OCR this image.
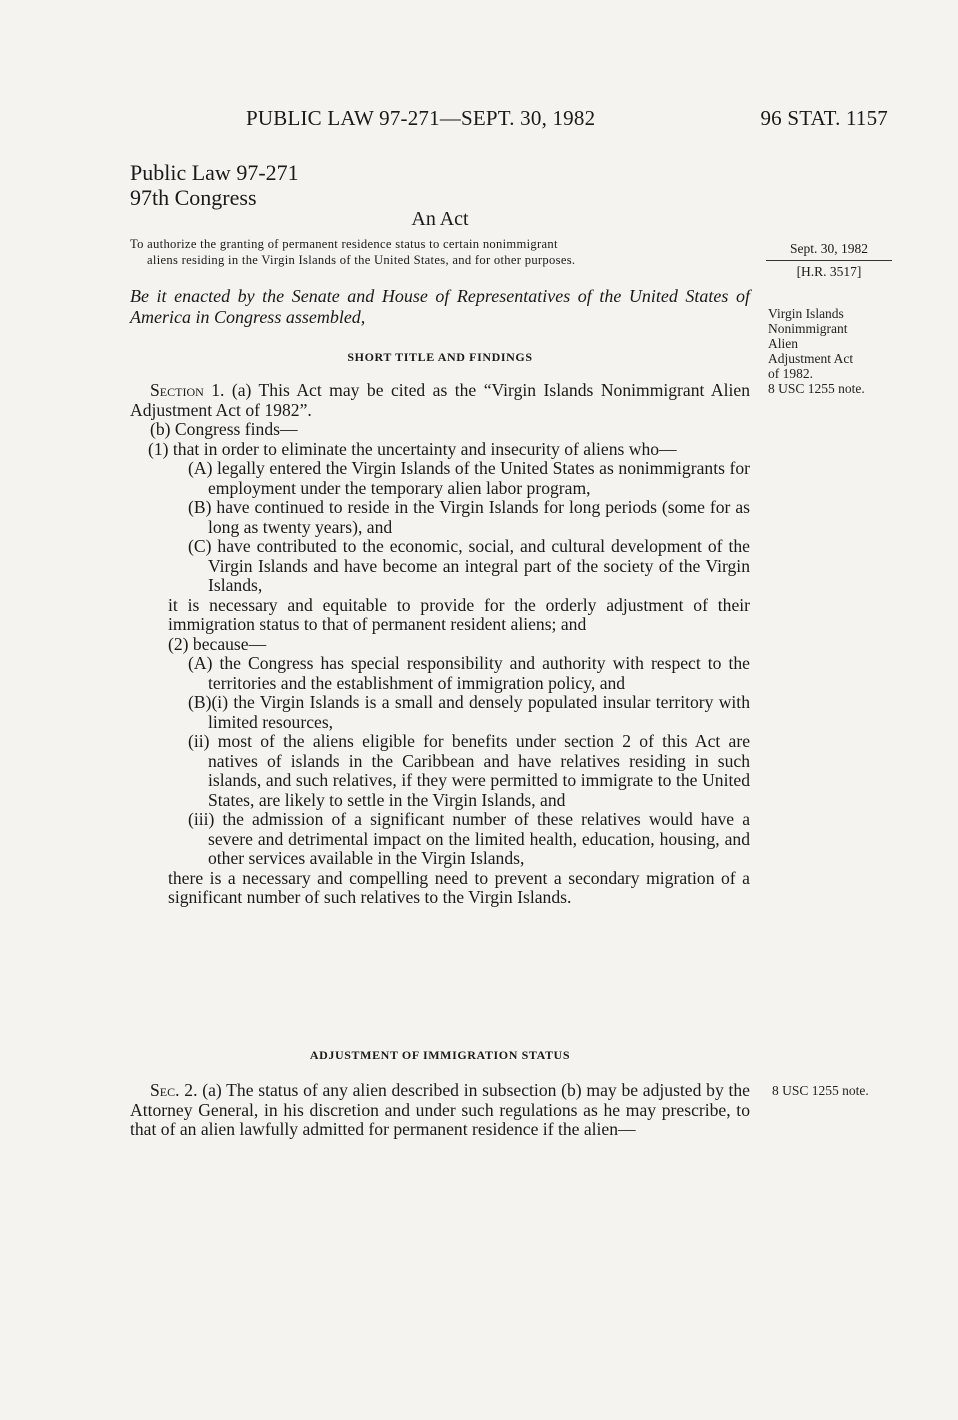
PUBLIC LAW 97-271—SEPT. 30, 1982	96 STAT. 1157
Public Law 97-271
97th Congress
An Act
To authorize the granting of permanent residence status to certain nonimmigrant
aliens residing in the Virgin Islands of the United States, and for other purposes.
Be it enacted by the Senate and House of Representatives of the United States of America in Congress assembled,
Sept. 30, 1982
[H.R. 3517]
Virgin Islands
Nonimmigrant
Alien
Adjustment Act
of 1982.
8 USC 1255 note.
SHORT TITLE AND FINDINGS

Section 1. (a) This Act may be cited as the “Virgin Islands Nonimmigrant Alien Adjustment Act of 1982”.

(b) Congress finds—

(1) that in order to eliminate the uncertainty and insecurity of aliens who—

(A) legally entered the Virgin Islands of the United States as nonimmigrants for employment under the temporary alien labor program,

(B) have continued to reside in the Virgin Islands for long periods (some for as long as twenty years), and

(C) have contributed to the economic, social, and cultural development of the Virgin Islands and have become an integral part of the society of the Virgin Islands,

it is necessary and equitable to provide for the orderly adjustment of their immigration status to that of permanent resident aliens; and

(2) because—

(A) the Congress has special responsibility and authority with respect to the territories and the establishment of immigration policy, and

(B)(i) the Virgin Islands is a small and densely populated insular territory with limited resources,

(ii) most of the aliens eligible for benefits under section 2 of this Act are natives of islands in the Caribbean and have relatives residing in such islands, and such relatives, if they were permitted to immigrate to the United States, are likely to settle in the Virgin Islands, and

(iii) the admission of a significant number of these relatives would have a severe and detrimental impact on the limited health, education, housing, and other services available in the Virgin Islands,

there is a necessary and compelling need to prevent a secondary migration of a significant number of such relatives to the Virgin Islands.

ADJUSTMENT OF IMMIGRATION STATUS
8 USC 1255 note.

Sec. 2. (a) The status of any alien described in subsection (b) may be adjusted by the Attorney General, in his discretion and under such regulations as he may prescribe, to that of an alien lawfully admitted for permanent residence if the alien—
